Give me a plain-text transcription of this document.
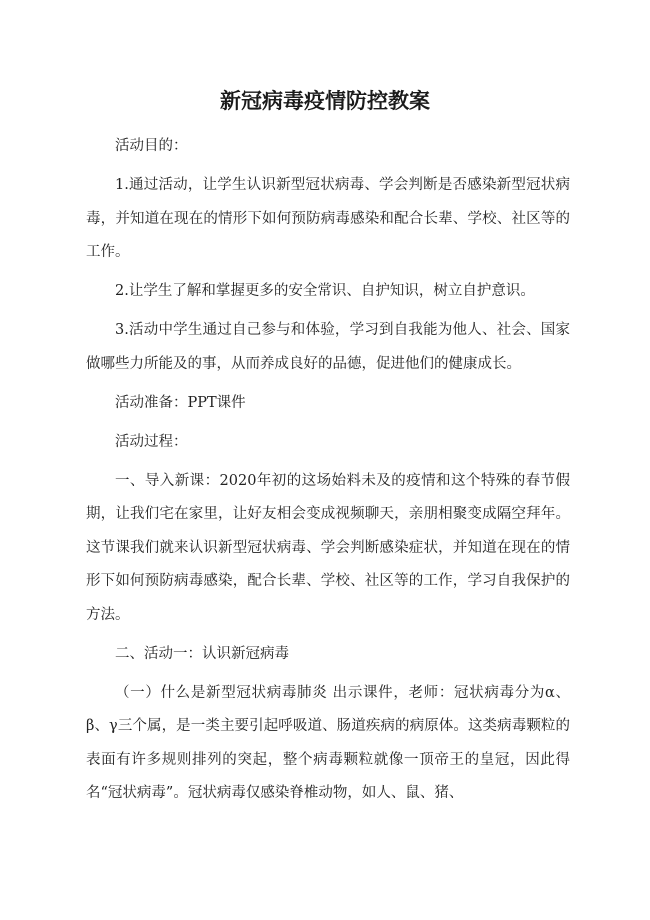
新冠病毒疫情防控教案

活动目的：

1.通过活动，让学生认识新型冠状病毒、学会判断是否感染新型冠状病毒，并知道在现在的情形下如何预防病毒感染和配合长辈、学校、社区等的工作。

2.让学生了解和掌握更多的安全常识、自护知识，树立自护意识。

3.活动中学生通过自己参与和体验，学习到自我能为他人、社会、国家做哪些力所能及的事，从而养成良好的品德，促进他们的健康成长。

活动准备：PPT课件

活动过程：

一、导入新课：2020年初的这场始料未及的疫情和这个特殊的春节假期，让我们宅在家里，让好友相会变成视频聊天，亲朋相聚变成隔空拜年。这节课我们就来认识新型冠状病毒、学会判断感染症状，并知道在现在的情形下如何预防病毒感染，配合长辈、学校、社区等的工作，学习自我保护的方法。

二、活动一：认识新冠病毒

（一）什么是新型冠状病毒肺炎 出示课件，老师：冠状病毒分为α、β、γ三个属，是一类主要引起呼吸道、肠道疾病的病原体。这类病毒颗粒的表面有许多规则排列的突起，整个病毒颗粒就像一顶帝王的皇冠，因此得名“冠状病毒”。冠状病毒仅感染脊椎动物，如人、鼠、猪、
